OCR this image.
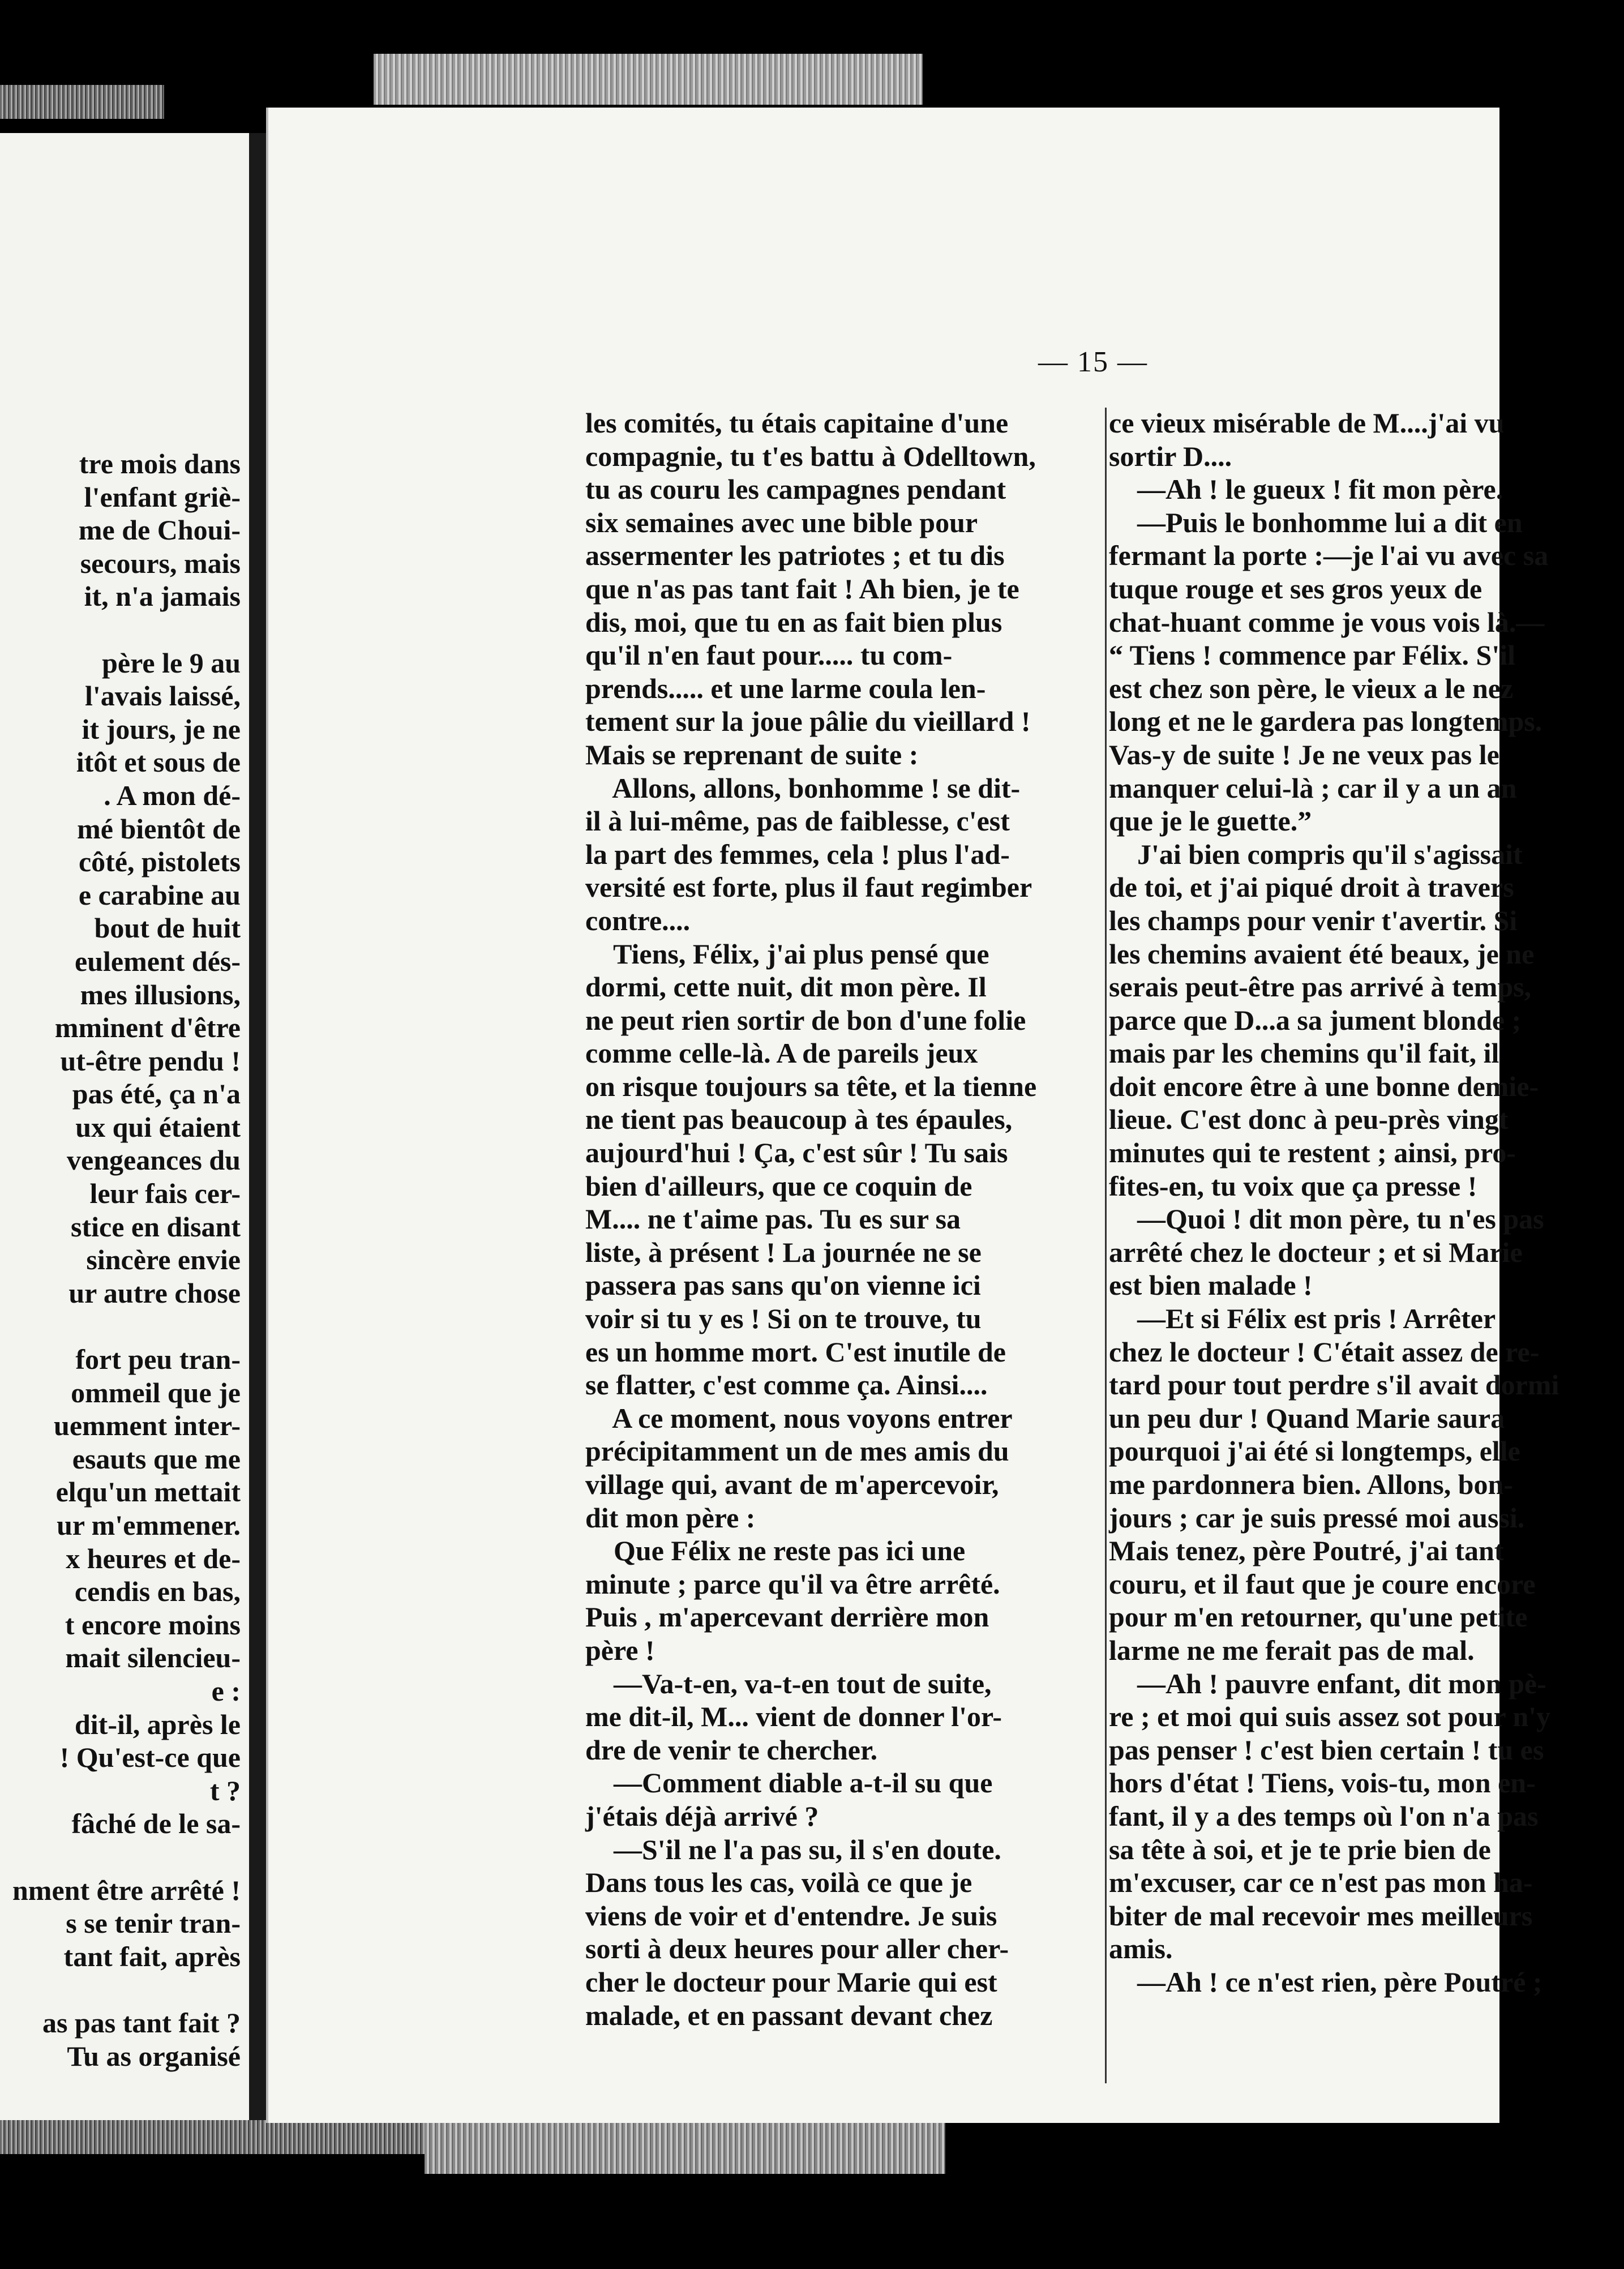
tre mois dans
l'enfant griè-
me de Choui-
secours, mais
it, n'a jamais

père le 9 au
l'avais laissé,
it jours, je ne
itôt et sous de
. A mon dé-
mé bientôt de
côté, pistolets
e carabine au
bout de huit
eulement dés-
mes illusions,
mminent d'être
ut-être pendu !
pas été, ça n'a
ux qui étaient
vengeances du
leur fais cer-
stice en disant
sincère envie
ur autre chose

fort peu tran-
ommeil que je
uemment inter-
esauts que me
elqu'un mettait
ur m'emmener.
x heures et de-
cendis en bas,
t encore moins
mait silencieu-
e :
dit-il, après le
! Qu'est-ce que
t ?
fâché de le sa-

nment être arrêté !
s se tenir tran-
tant fait, après

as pas tant fait ?
Tu as organisé
— 15 —
les comités, tu étais capitaine d'une
compagnie, tu t'es battu à Odelltown,
tu as couru les campagnes pendant
six semaines avec une bible pour
assermenter les patriotes ; et tu dis
que n'as pas tant fait ! Ah bien, je te
dis, moi, que tu en as fait bien plus
qu'il n'en faut pour..... tu com-
prends..... et une larme coula len-
tement sur la joue pâlie du vieillard !
Mais se reprenant de suite :
Allons, allons, bonhomme ! se dit-
il à lui-même, pas de faiblesse, c'est
la part des femmes, cela ! plus l'ad-
versité est forte, plus il faut regimber
contre....
Tiens, Félix, j'ai plus pensé que
dormi, cette nuit, dit mon père. Il
ne peut rien sortir de bon d'une folie
comme celle-là. A de pareils jeux
on risque toujours sa tête, et la tienne
ne tient pas beaucoup à tes épaules,
aujourd'hui ! Ça, c'est sûr ! Tu sais
bien d'ailleurs, que ce coquin de
M.... ne t'aime pas. Tu es sur sa
liste, à présent ! La journée ne se
passera pas sans qu'on vienne ici
voir si tu y es ! Si on te trouve, tu
es un homme mort. C'est inutile de
se flatter, c'est comme ça. Ainsi....
A ce moment, nous voyons entrer
précipitamment un de mes amis du
village qui, avant de m'apercevoir,
dit mon père :
Que Félix ne reste pas ici une
minute ; parce qu'il va être arrêté.
Puis , m'apercevant derrière mon
père !
—Va-t-en, va-t-en tout de suite,
me dit-il, M... vient de donner l'or-
dre de venir te chercher.
—Comment diable a-t-il su que
j'étais déjà arrivé ?
—S'il ne l'a pas su, il s'en doute.
Dans tous les cas, voilà ce que je
viens de voir et d'entendre. Je suis
sorti à deux heures pour aller cher-
cher le docteur pour Marie qui est
malade, et en passant devant chez
ce vieux misérable de M....j'ai vu
sortir D....
—Ah ! le gueux ! fit mon père.
—Puis le bonhomme lui a dit en
fermant la porte :—je l'ai vu avec sa
tuque rouge et ses gros yeux de
chat-huant comme je vous vois là.—
“ Tiens ! commence par Félix. S'il
est chez son père, le vieux a le nez
long et ne le gardera pas longtemps.
Vas-y de suite ! Je ne veux pas le
manquer celui-là ; car il y a un an
que je le guette.”
J'ai bien compris qu'il s'agissait
de toi, et j'ai piqué droit à travers
les champs pour venir t'avertir. Si
les chemins avaient été beaux, je ne
serais peut-être pas arrivé à temps,
parce que D...a sa jument blonde ;
mais par les chemins qu'il fait, il
doit encore être à une bonne demie-
lieue. C'est donc à peu-près vingt
minutes qui te restent ; ainsi, pro-
fites-en, tu voix que ça presse !
—Quoi ! dit mon père, tu n'es pas
arrêté chez le docteur ; et si Marie
est bien malade !
—Et si Félix est pris ! Arrêter
chez le docteur ! C'était assez de re-
tard pour tout perdre s'il avait dormi
un peu dur ! Quand Marie saura
pourquoi j'ai été si longtemps, elle
me pardonnera bien. Allons, bon-
jours ; car je suis pressé moi aussi.
Mais tenez, père Poutré, j'ai tant
couru, et il faut que je coure encore
pour m'en retourner, qu'une petite
larme ne me ferait pas de mal.
—Ah ! pauvre enfant, dit mon pè-
re ; et moi qui suis assez sot pour n'y
pas penser ! c'est bien certain ! tu es
hors d'état ! Tiens, vois-tu, mon en-
fant, il y a des temps où l'on n'a pas
sa tête à soi, et je te prie bien de
m'excuser, car ce n'est pas mon ha-
biter de mal recevoir mes meilleurs
amis.
—Ah ! ce n'est rien, père Poutré ;
